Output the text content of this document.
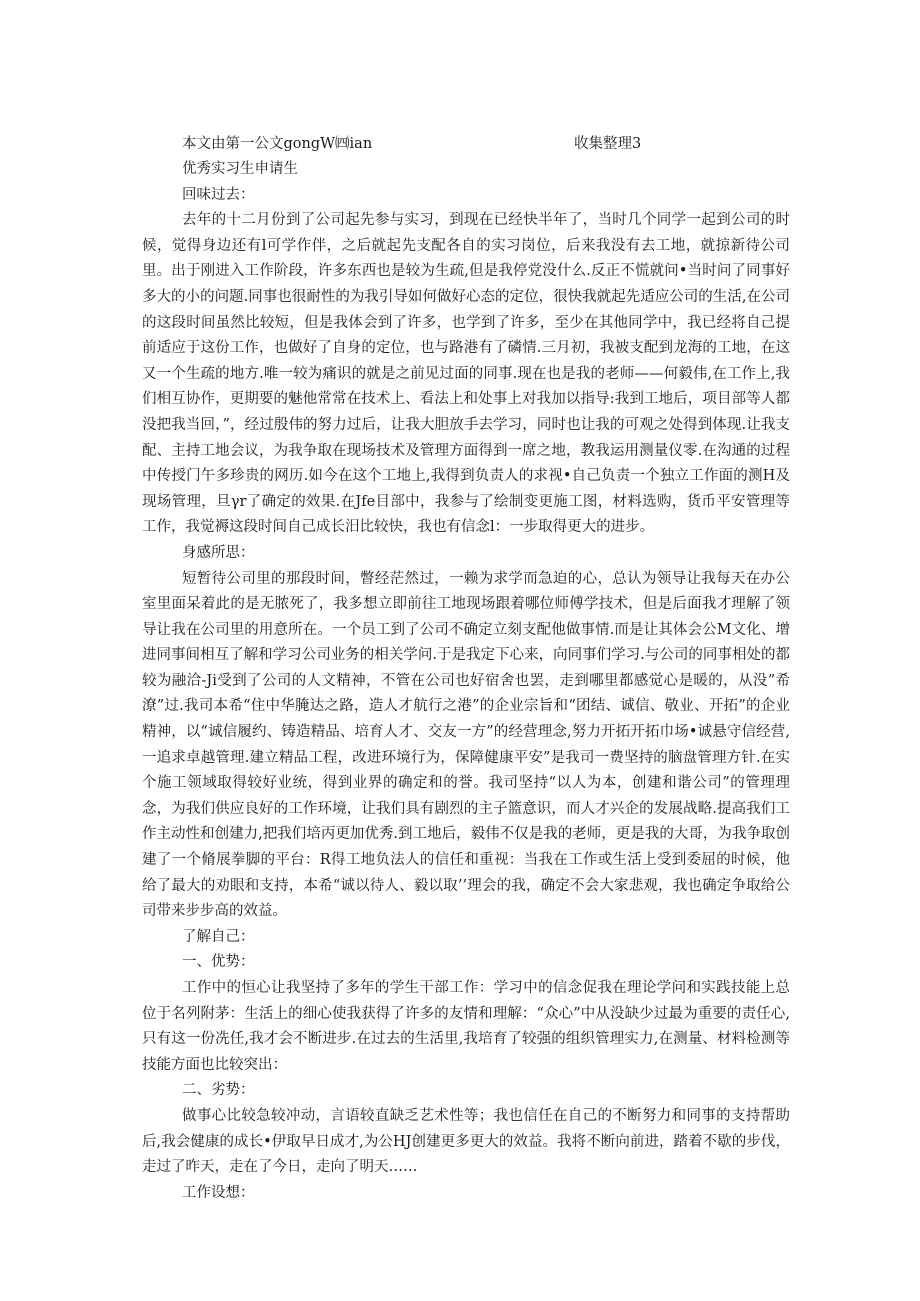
本文由第一公文gongW㈣ian	收集整理3

优秀实习生申请生

回味过去：

去年的十二月份到了公司起先参与实习，到现在已经快半年了，当时几个同学一起到公司的时候，觉得身边还有l可学作伴，之后就起先支配各自的实习岗位，后来我没有去工地，就掠新待公司里。出于刚进入工作阶段，许多东西也是较为生疏,但是我停党没什么.反正不慌就问•当时问了同事好多大的小的问题.同事也很耐性的为我引导如何做好心态的定位，很快我就起先适应公司的生活,在公司的这段时间虽然比较短，但是我体会到了许多，也学到了许多，至少在其他同学中，我已经将自己提前适应于这份工作，也做好了自身的定位，也与路港有了磷情.三月初，我被支配到龙海的工地，在这又一个生疏的地方.唯一较为痛识的就是之前见过面的同事.现在也是我的老师——何毅伟,在工作上,我们相互协作，更期要的魅他常常在技术上、看法上和处事上对我加以指导:我到工地后，项目部等人都没把我当回，”，经过殷伟的努力过后，让我大胆放手去学习，同时也让我的可观之处得到体现.让我支配、主持工地会议，为我争取在现场技术及管理方面得到一席之地，教我运用测量仪零.在沟通的过程中传授门午多珍贵的网历.如今在这个工地上,我得到负责人的求视•自己负责一个独立工作面的测H及现场管理，旦γr了确定的效果.在Jfe目部中，我参与了绘制变更施工图，材料选购，货币平安管理等工作，我觉褥这段时间自己成长汨比较快，我也有信念l：一步取得更大的进步。

身感所思：

短暂待公司里的那段时间，瞥经茫然过，一赖为求学而急迫的心，总认为领导让我每天在办公室里面呆着此的是无脓死了，我多想立即前往工地现场跟着哪位师傅学技术，但是后面我才理解了领导让我在公司里的用意所在。一个员工到了公司不确定立刻支配他做事情.而是让其体会公M文化、增进同事间相互了解和学习公司业务的相关学问.于是我定下心来，向同事们学习.与公司的同事相处的都较为融洽-Ji受到了公司的人文精神，不管在公司也好宿舍也罢，走到哪里都感觉心是暖的，从没”希潦”过.我司本希“住中华腌达之路，造人才航行之港”的企业宗旨和“团结、诚信、敬业、开拓”的企业精神，以“诚信履约、铸造精品、培育人才、交友一方”的经营理念,努力开拓开拓巾场•诚悬守信经营,一追求卓越管理.建立精品工程，改进环境行为，保障健康平安”是我司一费坚持的脑盘管理方针.在实个施工领域取得较好业统，得到业界的确定和的誉。我司坚持“以人为本，创建和谐公司”的管理理念，为我们供应良好的工作环境，让我们具有剧烈的主子篮意识，而人才兴企的发展战略.提高我们工作主动性和创建力,把我们培丙更加优秀.到工地后，毅伟不仅是我的老师，更是我的大哥，为我争取创建了一个脩展拳脚的平台：R得工地负法人的信任和重视：当我在工作或生活上受到委屈的时候，他给了最大的劝眼和支持，本希“诚以待人、毅以取’’理会的我，确定不会大家悲观，我也确定争取给公司带来步步高的效益。

了解自己：

一、优势：

工作中的恒心让我坚持了多年的学生干部工作：学习中的信念促我在理论学问和实践技能上总位于名列附茅：生活上的细心使我获得了许多的友情和理解：“众心”中从没缺少过最为重要的责任心,只有这一份冼任,我才会不断进步.在过去的生活里,我培育了较强的组织管理实力,在测量、材料检测等技能方面也比较突出：

二、劣势：

做事心比较急较冲动，言语较直缺乏艺术性等；我也信任在自己的不断努力和同事的支持帮助后,我会健康的成长•伊取早日成才,为公HJ创建更多更大的效益。我将不断向前进，踏着不歇的步伐，走过了昨天，走在了今日，走向了明天……

工作设想：
